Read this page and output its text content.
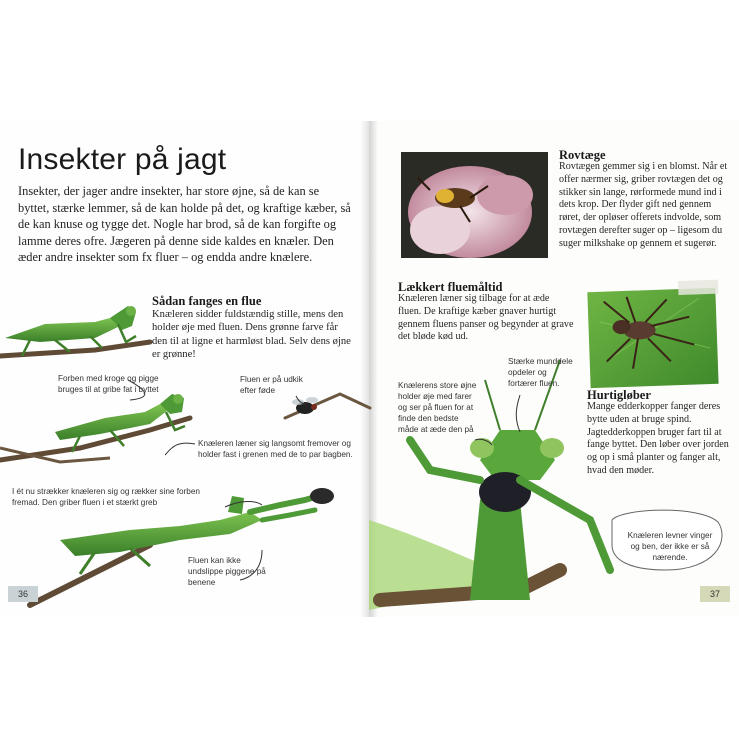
Insekter på jagt
Insekter, der jager andre insekter, har store øjne, så de kan se byttet, stærke lemmer, så de kan holde på det, og kraftige kæber, så de kan knuse og tygge det. Nogle har brod, så de kan forgifte og lamme deres ofre. Jægeren på denne side kaldes en knæler. Den æder andre insekter som fx fluer – og endda andre knælere.
Sådan fanges en flue
Knæleren sidder fuldstændig stille, mens den holder øje med fluen. Dens grønne farve får den til at ligne et harmløst blad. Selv dens øjne er grønne!
Forben med kroge og pigge bruges til at gribe fat i byttet
Fluen er på udkik efter føde
Knæleren læner sig langsomt fremover og holder fast i grenen med de to par bagben.
I ét nu strækker knæleren sig og rækker sine forben fremad. Den griber fluen i et stærkt greb
Fluen kan ikke undslippe piggene på benene
36
Rovtæge
Rovtægen gemmer sig i en blomst. Når et offer nærmer sig, griber rovtægen det og stikker sin lange, rørformede mund ind i dets krop. Der flyder gift ned gennem røret, der opløser offerets indvolde, som rovtægen derefter suger op – ligesom du suger milkshake op gennem et sugerør.
Lækkert fluemåltid
Knæleren læner sig tilbage for at æde fluen. De kraftige kæber gnaver hurtigt gennem fluens panser og begynder at grave det bløde kød ud.
Hurtigløber
Mange edderkopper fanger deres bytte uden at bruge spind. Jagtedderkoppen bruger fart til at fange byttet. Den løber over jorden og op i små planter og fanger alt, hvad den møder.
Knælerens store øjne holder øje med farer og ser på fluen for at finde den bedste måde at æde den på
Stærke munddele opdeler og fortærer fluen.
Knæleren levner vinger og ben, der ikke er så nærende.
37
